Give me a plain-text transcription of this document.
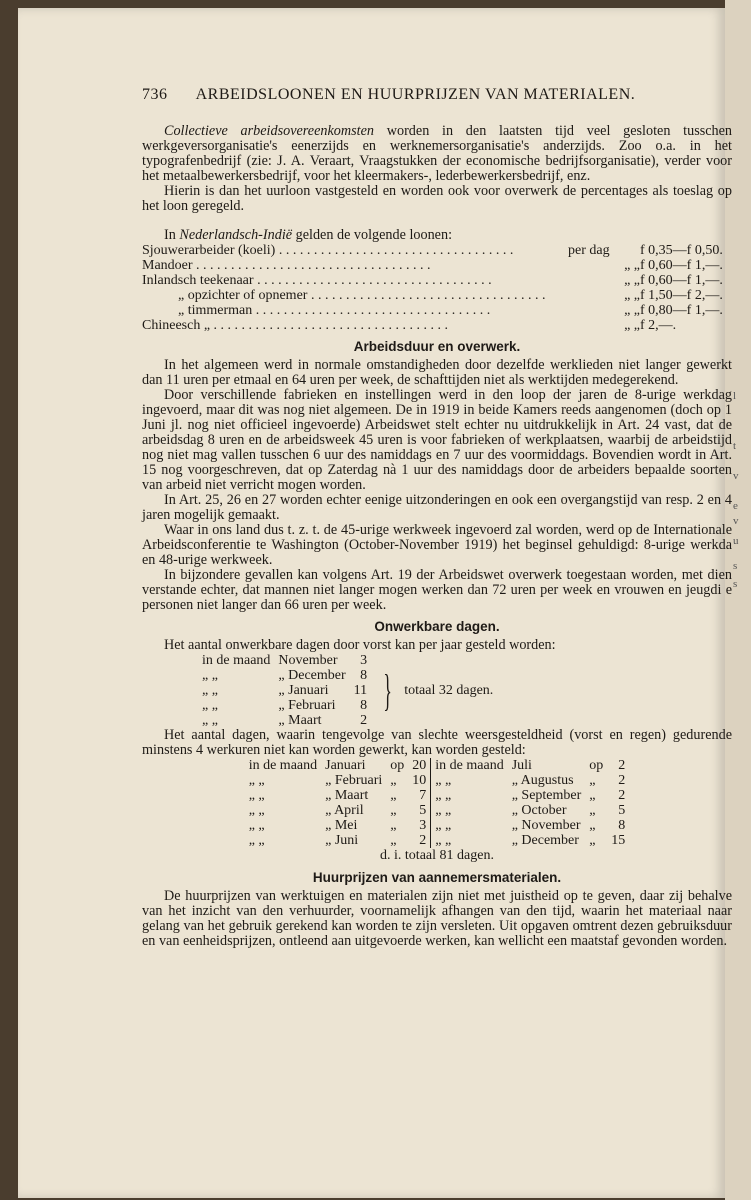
l
t
v
e
v
u
s
s
736 ARBEIDSLOONEN EN HUURPRIJZEN VAN MATERIALEN.

Collectieve arbeidsovereenkomsten worden in den laatsten tijd veel gesloten tusschen werkgeversorganisatie's eenerzijds en werknemersorganisatie's anderzijds. Zoo o.a. in het typografenbedrijf (zie: J. A. Veraart, Vraagstukken der economische bedrijfsorganisatie), verder voor het metaalbewerkersbedrijf, voor het kleermakers-, lederbewerkersbedrijf, enz.

Hierin is dan het uurloon vastgesteld en worden ook voor overwerk de percentages als toeslag op het loon geregeld.

In Nederlandsch-Indië gelden de volgende loonen:

Sjouwerarbeider (koeli) . . .	per dag	f 0,35—f 0,50.
Mandoer . . .	„ „ f 0,60—f 1,—.
Inlandsch teekenaar . . .	„ „ f 0,60—f 1,—.
„ opzichter of opnemer . . .	„ „ f 1,50—f 2,—.
„ timmerman . . .	„ „ f 0,80—f 1,—.
Chineesch „ . . .	„ „ f 2,—.
Arbeidsduur en overwerk.

In het algemeen werd in normale omstandigheden door dezelfde werklieden niet langer gewerkt dan 11 uren per etmaal en 64 uren per week, de schafttijden niet als werktijden medegerekend.

Door verschillende fabrieken en instellingen werd in den loop der jaren de 8-urige werkdag ingevoerd, maar dit was nog niet algemeen. De in 1919 in beide Kamers reeds aangenomen (doch op 1 Juni jl. nog niet officieel ingevoerde) Arbeidswet stelt echter nu uitdrukkelijk in Art. 24 vast, dat de arbeidsdag 8 uren en de arbeidsweek 45 uren is voor fabrieken of werkplaatsen, waarbij de arbeidstijd nog niet mag vallen tusschen 6 uur des namiddags en 7 uur des voormiddags. Bovendien wordt in Art. 15 nog voorgeschreven, dat op Zaterdag nà 1 uur des namiddags door de arbeiders bepaalde soorten van arbeid niet verricht mogen worden.

In Art. 25, 26 en 27 worden echter eenige uitzonderingen en ook een overgangstijd van resp. 2 en 4 jaren mogelijk gemaakt.

Waar in ons land dus t. z. t. de 45-urige werkweek ingevoerd zal worden, werd op de Internationale Arbeidsconferentie te Washington (October-November 1919) het beginsel gehuldigd: 8-urige werkda en 48-urige werkweek.

In bijzondere gevallen kan volgens Art. 19 der Arbeidswet overwerk toegestaan worden, met dien verstande echter, dat mannen niet langer mogen werken dan 72 uren per week en vrouwen en jeugdi e personen niet langer dan 66 uren per week.

Onwerkbare dagen.

Het aantal onwerkbare dagen door vorst kan per jaar gesteld worden:

in de maand	November	3
„ „	„ December	8
„ „	„ Januari	11
„ „	„ Februari	8
„ „	„ Maart	2
} totaal 32 dagen.

Het aantal dagen, waarin tengevolge van slechte weersgesteldheid (vorst en regen) gedurende minstens 4 werkuren niet kan worden gewerkt, kan worden gesteld:

in de maand	Januari	op	20
„ „	„ Februari	„	10
„ „	„ Maart	„	7
„ „	„ April	„	5
„ „	„ Mei	„	3
„ „	„ Juni	„	2
in de maand	Juli	op	2
„ „	„ Augustus	„	2
„ „	„ September	„	2
„ „	„ October	„	5
„ „	„ November	„	8
„ „	„ December	„	15
d. i. totaal 81 dagen.
Huurprijzen van aannemersmaterialen.

De huurprijzen van werktuigen en materialen zijn niet met juistheid op te geven, daar zij behalve van het inzicht van den verhuurder, voornamelijk afhangen van den tijd, waarin het materiaal naar gelang van het gebruik gerekend kan worden te zijn versleten. Uit opgaven omtrent dezen gebruiksduur en van eenheidsprijzen, ontleend aan uitgevoerde werken, kan wellicht een maatstaf gevonden worden.
